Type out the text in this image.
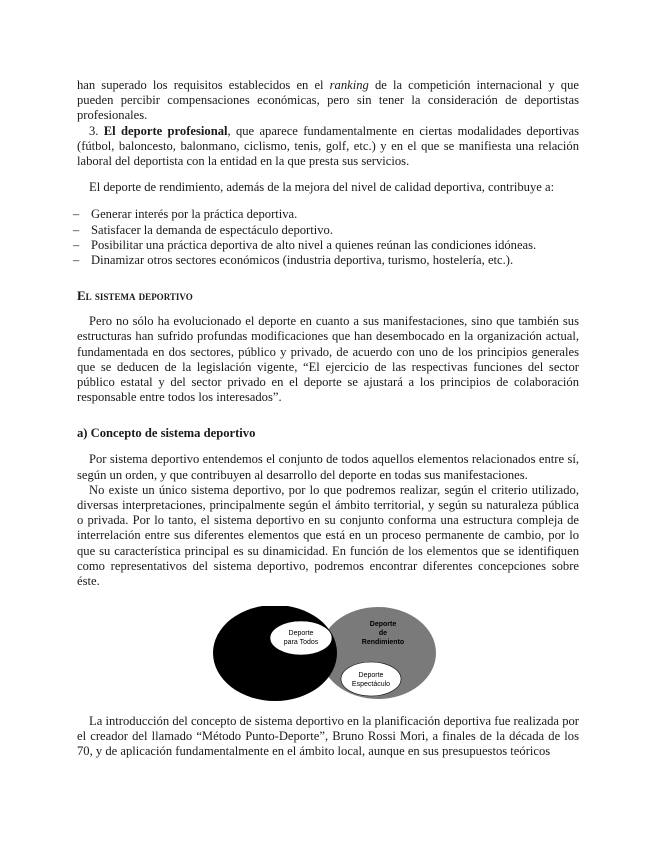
han superado los requisitos establecidos en el ranking de la competición internacional y que pueden percibir compensaciones económicas, pero sin tener la consideración de deportistas profesionales.

3. El deporte profesional, que aparece fundamentalmente en ciertas modalidades deportivas (fútbol, baloncesto, balonmano, ciclismo, tenis, golf, etc.) y en el que se manifiesta una relación laboral del deportista con la entidad en la que presta sus servicios.

El deporte de rendimiento, además de la mejora del nivel de calidad deportiva, contribuye a:

– Generar interés por la práctica deportiva.
– Satisfacer la demanda de espectáculo deportivo.
– Posibilitar una práctica deportiva de alto nivel a quienes reúnan las condiciones idóneas.
– Dinamizar otros sectores económicos (industria deportiva, turismo, hostelería, etc.).
El sistema deportivo

Pero no sólo ha evolucionado el deporte en cuanto a sus manifestaciones, sino que también sus estructuras han sufrido profundas modificaciones que han desembocado en la organización actual, fundamentada en dos sectores, público y privado, de acuerdo con uno de los principios generales que se deducen de la legislación vigente, “El ejercicio de las respectivas funciones del sector público estatal y del sector privado en el deporte se ajustará a los principios de colaboración responsable entre todos los interesados”.

a) Concepto de sistema deportivo

Por sistema deportivo entendemos el conjunto de todos aquellos elementos relacionados entre sí, según un orden, y que contribuyen al desarrollo del deporte en todas sus manifestaciones.

No existe un único sistema deportivo, por lo que podremos realizar, según el criterio utilizado, diversas interpretaciones, principalmente según el ámbito territorial, y según su naturaleza pública o privada. Por lo tanto, el sistema deportivo en su conjunto conforma una estructura compleja de interrelación entre sus diferentes elementos que está en un proceso permanente de cambio, por lo que su característica principal es su dinamicidad. En función de los elementos que se identifiquen como representativos del sistema deportivo, podremos encontrar diferentes concepciones sobre éste.

Deporte
para Todos
Deporte
de
Rendimiento
Deporte
Espectáculo

La introducción del concepto de sistema deportivo en la planificación deportiva fue realizada por el creador del llamado “Método Punto-Deporte”, Bruno Rossi Mori, a finales de la década de los 70, y de aplicación fundamentalmente en el ámbito local, aunque en sus presupuestos teóricos
